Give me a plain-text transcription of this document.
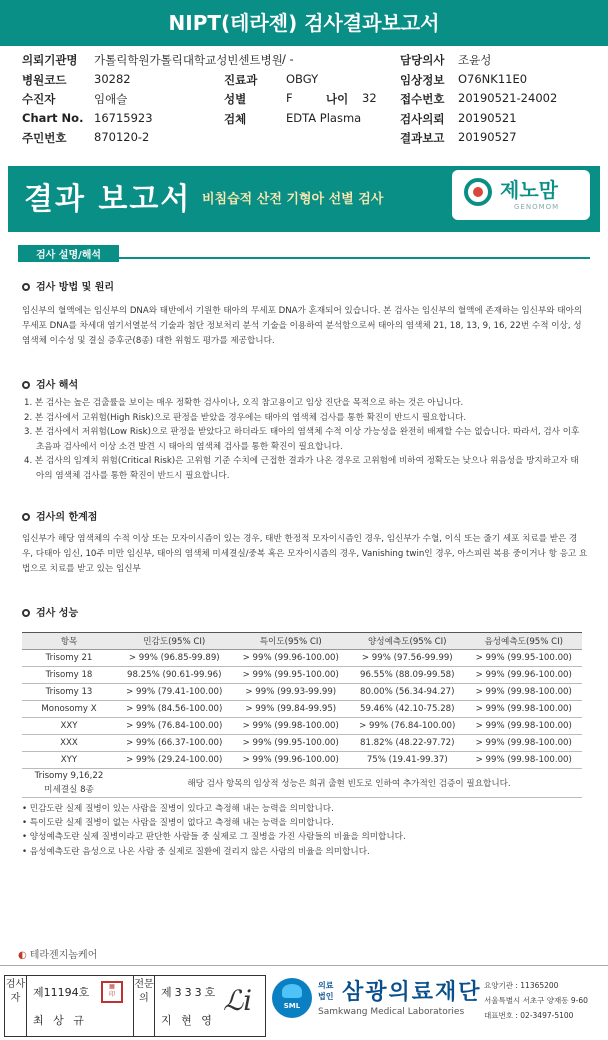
NIPT(테라젠) 검사결과보고서
의뢰기관명 가톨릭학원가톨릭대학교성빈센트병원 / -	담당의사 조윤성
병원코드 30282	진료과 OBGY	임상정보 O76NK11E0
수진자	임애슬	성별	F	나이 32 접수번호 20190521-24002
Chart No. 16715923	검체	EDTA Plasma	검사의뢰 20190521
주민번호 870120-2	결과보고 20190527
결과 보고서 비침습적 산전 기형아 선별 검사	제노맘
GENOMOM
검사 설명/해석
검사 방법 및 원리
임신부의 혈액에는 임신부의 DNA와 태반에서 기원한 태아의 무세포 DNA가 혼재되어 있습니다. 본 검사는 임신부의 혈액에 존재하는 임신부와 태아의 무세포 DNA를 차세대 염기서열분석 기술과 첨단 정보처리 분석 기술을 이용하여 분석함으로써 태아의 염색체 21, 18, 13, 9, 16, 22번 수적 이상, 성염색체 이수성 및 결실 증후군(8종) 대한 위험도 평가를 제공합니다.
검사 해석
1. 본 검사는 높은 검출률을 보이는 매우 정확한 검사이나, 오직 참고용이고 임상 진단을 목적으로 하는 것은 아닙니다.
2. 본 검사에서 고위험(High Risk)으로 판정을 받았을 경우에는 태아의 염색체 검사를 통한 확진이 반드시 필요합니다.
3. 본 검사에서 저위험(Low Risk)으로 판정을 받았다고 하더라도 태아의 염색체 수적 이상 가능성을 완전히 배제할 수는 없습니다. 따라서, 검사 이후 초음파 검사에서 이상 소견 발견 시 태아의 염색체 검사를 통한 확진이 필요합니다.
4. 본 검사의 임계치 위험(Critical Risk)은 고위험 기준 수치에 근접한 결과가 나온 경우로 고위험에 비하여 정확도는 낮으나 위음성을 방지하고자 태아의 염색체 검사를 통한 확진이 반드시 필요합니다.
검사의 한계점
임신부가 해당 염색체의 수적 이상 또는 모자이시즘이 있는 경우, 태반 한정적 모자이시즘인 경우, 임신부가 수혈, 이식 또는 줄기 세포 치료를 받은 경우, 다태아 임신, 10주 미만 임신부, 태아의 염색체 미세결실/중복 혹은 모자이시즘의 경우, Vanishing twin인 경우, 아스피린 복용 중이거나 항 응고 요법으로 치료를 받고 있는 임신부
검사 성능
항목	민감도(95% CI)	특이도(95% CI)	양성예측도(95% CI)	음성예측도(95% CI)
Trisomy 21	> 99% (96.85-99.89)	> 99% (99.96-100.00)	> 99% (97.56-99.99)	> 99% (99.95-100.00)
Trisomy 18	98.25% (90.61-99.96)	> 99% (99.95-100.00)	96.55% (88.09-99.58)	> 99% (99.96-100.00)
Trisomy 13	> 99% (79.41-100.00)	> 99% (99.93-99.99)	80.00% (56.34-94.27)	> 99% (99.98-100.00)
Monosomy X	> 99% (84.56-100.00)	> 99% (99.84-99.95)	59.46% (42.10-75.28)	> 99% (99.98-100.00)
XXY	> 99% (76.84-100.00)	> 99% (99.98-100.00)	> 99% (76.84-100.00)	> 99% (99.98-100.00)
XXX	> 99% (66.37-100.00)	> 99% (99.95-100.00)	81.82% (48.22-97.72)	> 99% (99.98-100.00)
XYY	> 99% (29.24-100.00)	> 99% (99.96-100.00)	75% (19.41-99.37)	> 99% (99.98-100.00)

Trisomy 9,16,22
미세결실 8종	해당 검사 항목의 임상적 성능은 희귀 출현 빈도로 인하여 추가적인 검증이 필요합니다.			
• 민감도란 실제 질병이 있는 사람을 질병이 있다고 측정해 내는 능력을 의미합니다.
• 특이도란 실제 질병이 없는 사람을 질병이 없다고 측정해 내는 능력을 의미합니다.
• 양성예측도란 실제 질병이라고 판단한 사람들 중 실제로 그 질병을 가진 사람들의 비율을 의미합니다.
• 음성예측도란 음성으로 나온 사람 중 실제로 질환에 걸리지 않은 사람의 비율을 의미합니다.
◐ 테라젠지놈케어
검사자	제11194호
최 상 규
▦
印
전문의	제333호
지 현 영
ℒi	SML
의료
법인 삼광의료재단
Samkwang Medical Laboratories
요양기관 : 11365200
서울특별시 서초구 양재동 9-60
대표번호 : 02-3497-5100
